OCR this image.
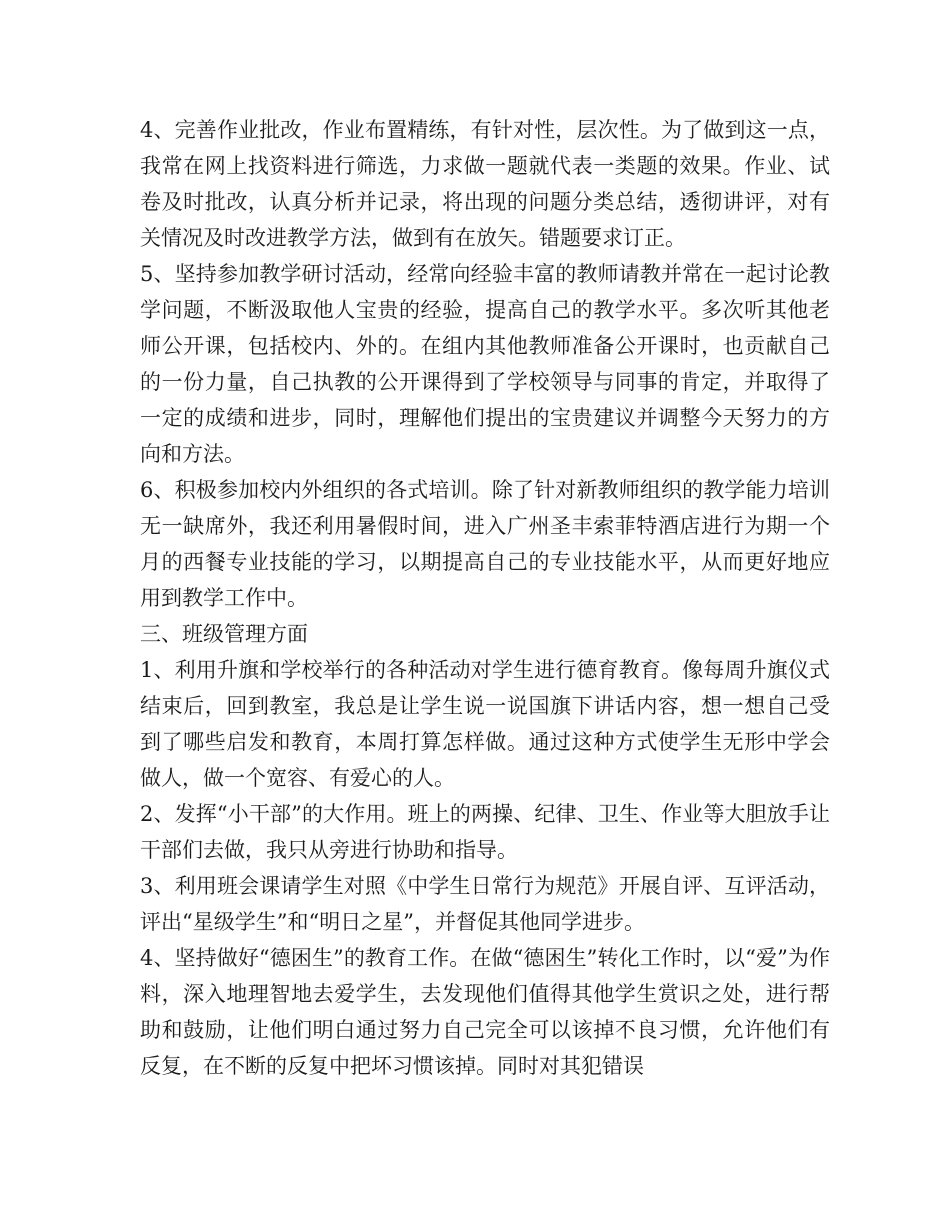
4、完善作业批改，作业布置精练，有针对性，层次性。为了做到这一点，我常在网上找资料进行筛选，力求做一题就代表一类题的效果。作业、试卷及时批改，认真分析并记录，将出现的问题分类总结，透彻讲评，对有关情况及时改进教学方法，做到有在放矢。错题要求订正。

5、坚持参加教学研讨活动，经常向经验丰富的教师请教并常在一起讨论教学问题，不断汲取他人宝贵的经验，提高自己的教学水平。多次听其他老师公开课，包括校内、外的。在组内其他教师准备公开课时，也贡献自己的一份力量，自己执教的公开课得到了学校领导与同事的肯定，并取得了一定的成绩和进步，同时，理解他们提出的宝贵建议并调整今天努力的方向和方法。

6、积极参加校内外组织的各式培训。除了针对新教师组织的教学能力培训无一缺席外，我还利用暑假时间，进入广州圣丰索菲特酒店进行为期一个月的西餐专业技能的学习，以期提高自己的专业技能水平，从而更好地应用到教学工作中。

三、班级管理方面

1、利用升旗和学校举行的各种活动对学生进行德育教育。像每周升旗仪式结束后，回到教室，我总是让学生说一说国旗下讲话内容，想一想自己受到了哪些启发和教育，本周打算怎样做。通过这种方式使学生无形中学会做人，做一个宽容、有爱心的人。

2、发挥“小干部”的大作用。班上的两操、纪律、卫生、作业等大胆放手让干部们去做，我只从旁进行协助和指导。

3、利用班会课请学生对照《中学生日常行为规范》开展自评、互评活动，评出“星级学生”和“明日之星”，并督促其他同学进步。

4、坚持做好“德困生”的教育工作。在做“德困生”转化工作时，以“爱”为作料，深入地理智地去爱学生，去发现他们值得其他学生赏识之处，进行帮助和鼓励，让他们明白通过努力自己完全可以该掉不良习惯，允许他们有反复，在不断的反复中把坏习惯该掉。同时对其犯错误
